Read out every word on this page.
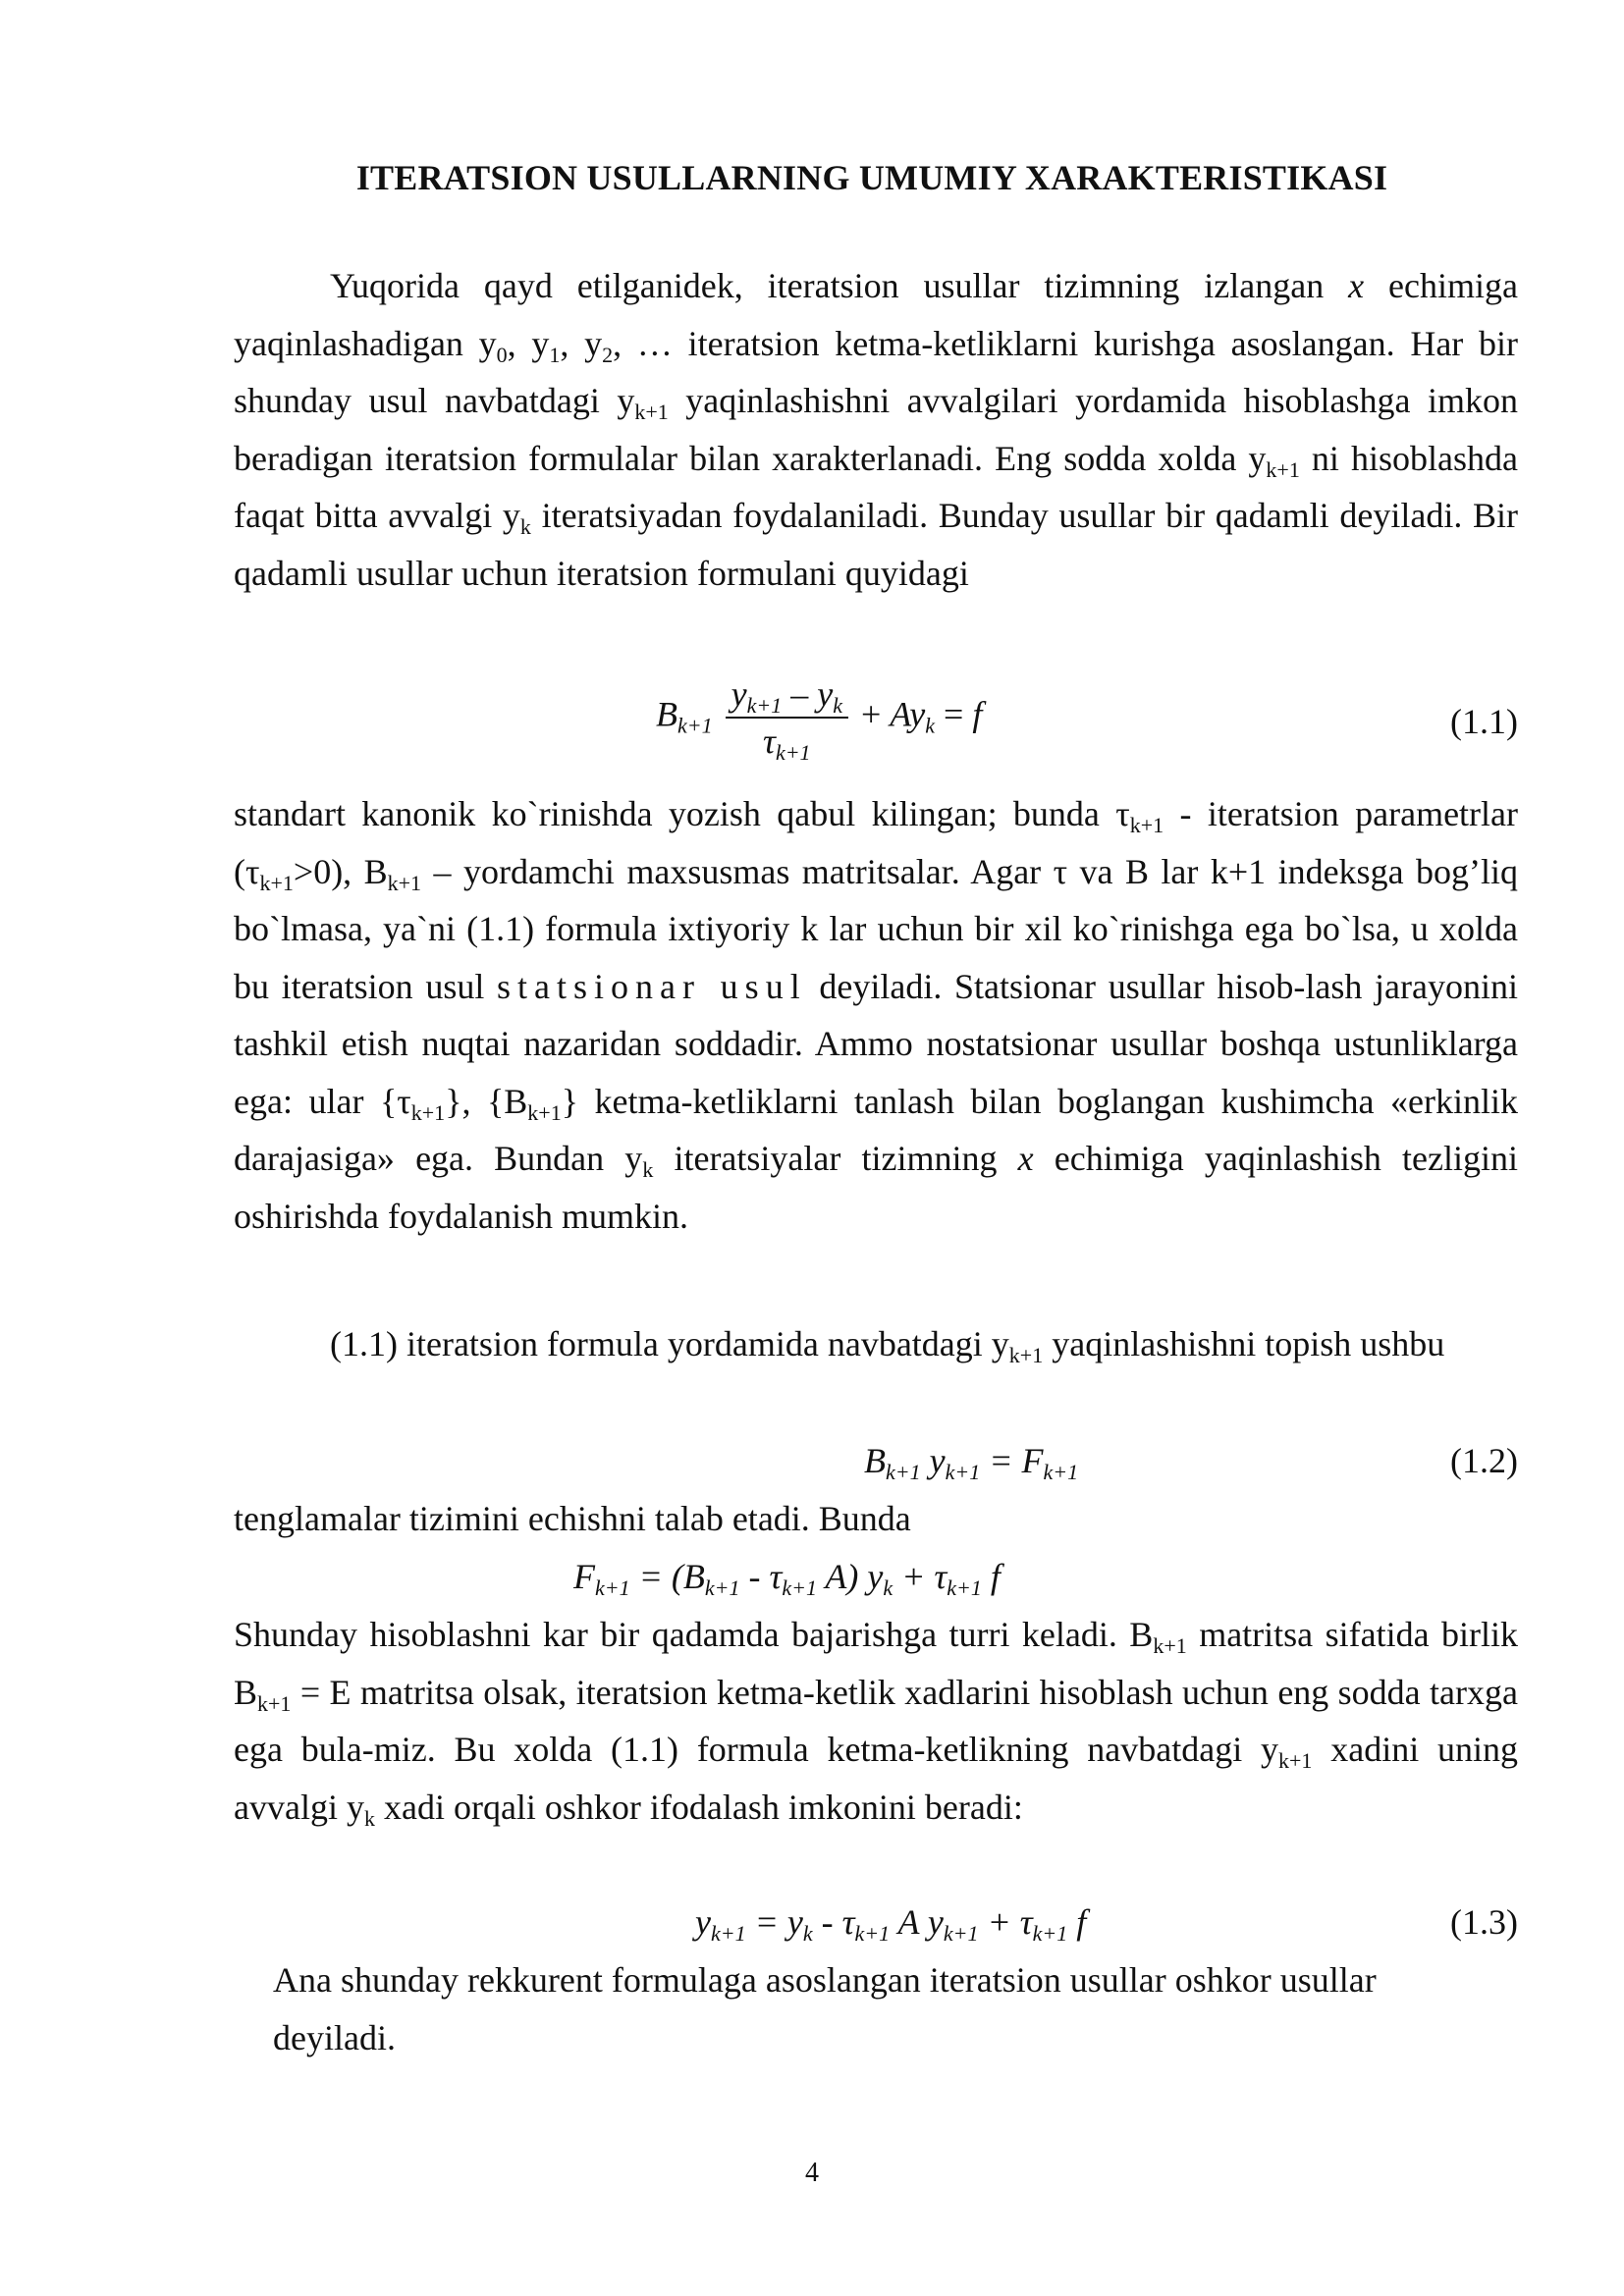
ITERATSION USULLARNING UMUMIY XARAKTERISTIKASI

Yuqorida qayd etilganidek, iteratsion usullar tizimning izlangan x echimiga yaqinlashadigan $y_0$, $y_1$, $y_2$, … iteratsion ketma-ketliklarni kurishga asoslangan. Har bir shunday usul navbatdagi $y_{k+1}$ yaqinlashishni avvalgilari yordamida hisoblashga imkon beradigan iteratsion formulalar bilan xarakterlanadi. Eng sodda xolda $y_{k+1}$ ni hisoblashda faqat bitta avvalgi $y_k$ iteratsiyadan foydalaniladi. Bunday usullar bir qadamli deyiladi. Bir qadamli usullar uchun iteratsion formulani quyidagi

$B_{k+1} \frac{y_{k+1} - y_k}{\tau_{k+1}} + Ay_k = f$	(1.1)

standart kanonik ko`rinishda yozish qabul kilingan; bunda $\tau_{k+1}$ - iteratsion parametrlar $(\tau_{k+1}>0)$, $B_{k+1}$ – yordamchi maxsusmas matritsalar. Agar τ va B lar k+1 indeksga bog’liq bo`lmasa, ya`ni (1.1) formula ixtiyoriy k lar uchun bir xil ko`rinishga ega bo`lsa, u xolda bu iteratsion usul statsionar usul deyiladi. Statsionar usullar hisob-lash jarayonini tashkil etish nuqtai nazaridan soddadir. Ammo nostatsionar usullar boshqa ustunliklarga ega: ular $\{\tau_{k+1}\}$, $\{B_{k+1}\}$ ketma-ketliklarni tanlash bilan boglangan kushimcha «erkinlik darajasiga» ega. Bundan $y_k$ iteratsiyalar tizimning x echimiga yaqinlashish tezligini oshirishda foydalanish mumkin.

(1.1) iteratsion formula yordamida navbatdagi $y_{k+1}$ yaqinlashishni topish ushbu

$B_{k+1}$ $y_{k+1} = F_{k+1}$	(1.2)

tenglamalar tizimini echishni talab etadi. Bunda

$F_{k+1} = (B_{k+1} - \tau_{k+1}$ A) $y_k + \tau_{k+1}$ f

Shunday hisoblashni kar bir qadamda bajarishga turri keladi. $B_{k+1}$ matritsa sifatida birlik $B_{k+1} = E$ matritsa olsak, iteratsion ketma-ketlik xadlarini hisoblash uchun eng sodda tarxga ega bula-miz. Bu xolda (1.1) formula ketma-ketlikning navbatdagi $y_{k+1}$ xadini uning avvalgi $y_k$ xadi orqali oshkor ifodalash imkonini beradi:

$y_{k+1} = y_k - \tau_{k+1}$ A $y_{k+1} + \tau_{k+1}$ f	(1.3)

Ana shunday rekkurent formulaga asoslangan iteratsion usullar oshkor usullar deyiladi.

4
